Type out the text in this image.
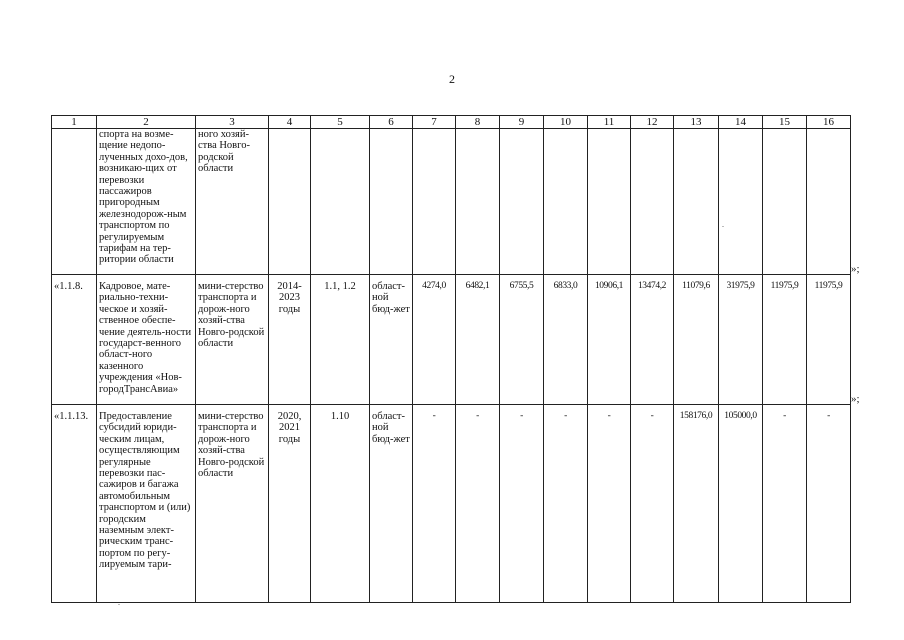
2
1	2	3	4	5	6	7	8	9	10	11	12	13	14	15	16
	спорта на возме-щение недопо-лученных дохо-дов, возникаю-щих от перевозки пассажиров пригородным железнодорож-ным транспортом по регулируемым тарифам на тер-ритории области	ного хозяй-ства Новго-родской области													
«1.1.8.	Кадровое, мате-риально-техни-ческое и хозяй-ственное обеспе-чение деятель-ности государст-венного област-ного казенного учреждения «Нов-городТрансАвиа»	мини-стерство транспорта и дорож-ного хозяй-ства Новго-родской области	2014-2023 годы	1.1, 1.2	област-ной бюд-жет	4274,0	6482,1	6755,5	6833,0	10906,1	13474,2	11079,6	31975,9	11975,9	11975,9
«1.1.13.	Предоставление субсидий юриди-ческим лицам, осуществляющим регулярные перевозки пас-сажиров и багажа автомобильным транспортом и (или) городским наземным элект-рическим транс-портом по регу-лируемым тари-	мини-стерство транспорта и дорож-ного хозяй-ства Новго-родской области	2020, 2021 годы	1.10	област-ной бюд-жет	-	-	-	-	-	-	158176,0	105000,0	-	-
»;
»;
